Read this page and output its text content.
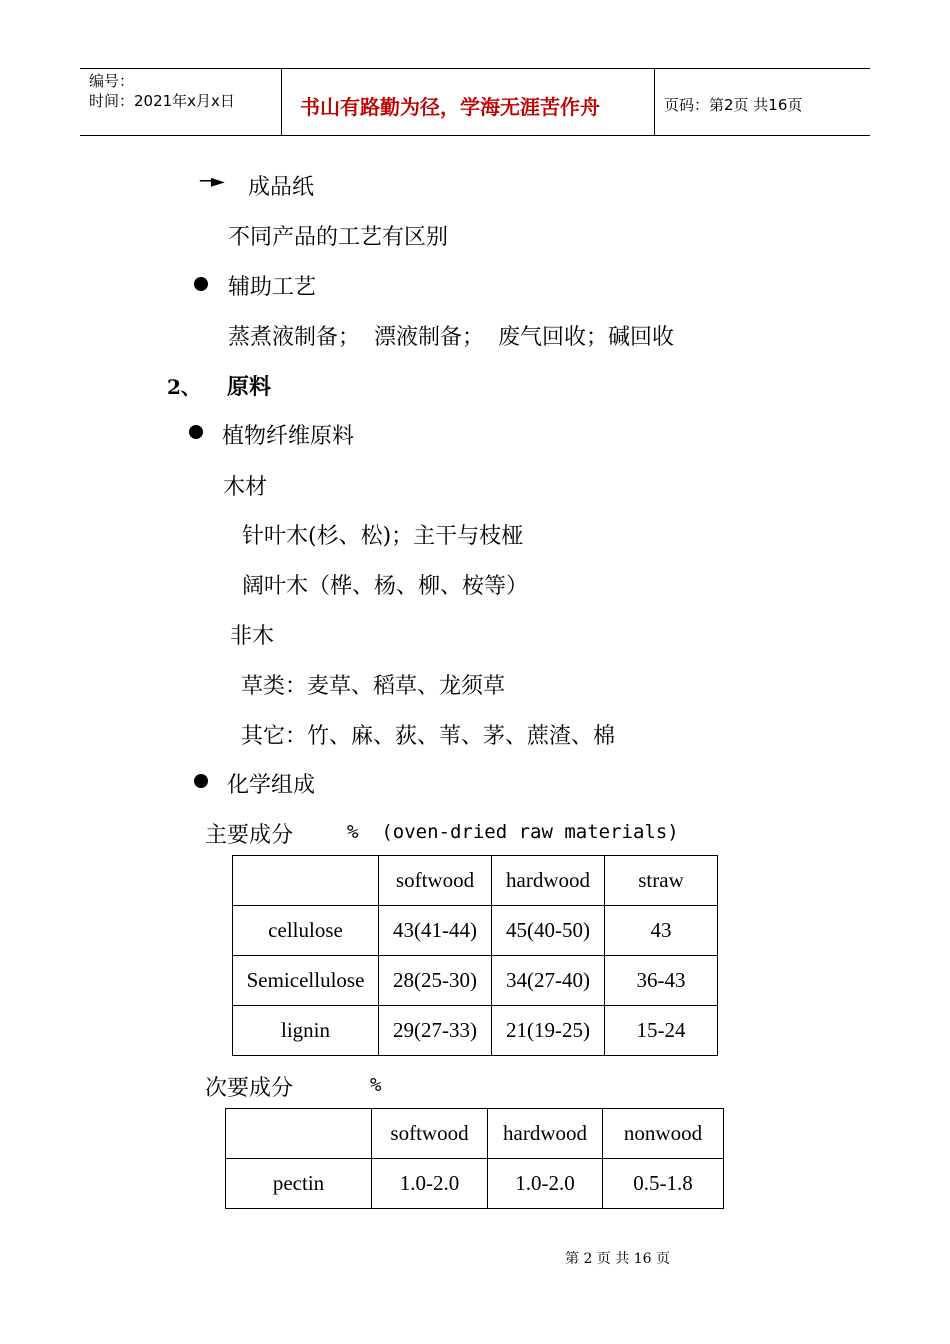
编号：
时间：2021年x月x日	书山有路勤为径，学海无涯苦作舟	页码：第2页 共16页
─► 成品纸
不同产品的工艺有区别
辅助工艺
蒸煮液制备；  漂液制备；  废气回收；碱回收
2、 原料
植物纤维原料
木材
针叶木(杉、松)；主干与枝桠
阔叶木（桦、杨、柳、桉等）
非木
草类：麦草、稻草、龙须草
其它：竹、麻、荻、苇、茅、蔗渣、棉
化学组成
主要成分	%  (oven-dried raw materials)
	softwood	hardwood	straw
cellulose	43(41-44)	45(40-50)	43
Semicellulose	28(25-30)	34(27-40)	36-43
lignin	29(27-33)	21(19-25)	15-24
次要成分	%
	softwood	hardwood	nonwood
pectin	1.0-2.0	1.0-2.0	0.5-1.8
第 2 页 共 16 页
